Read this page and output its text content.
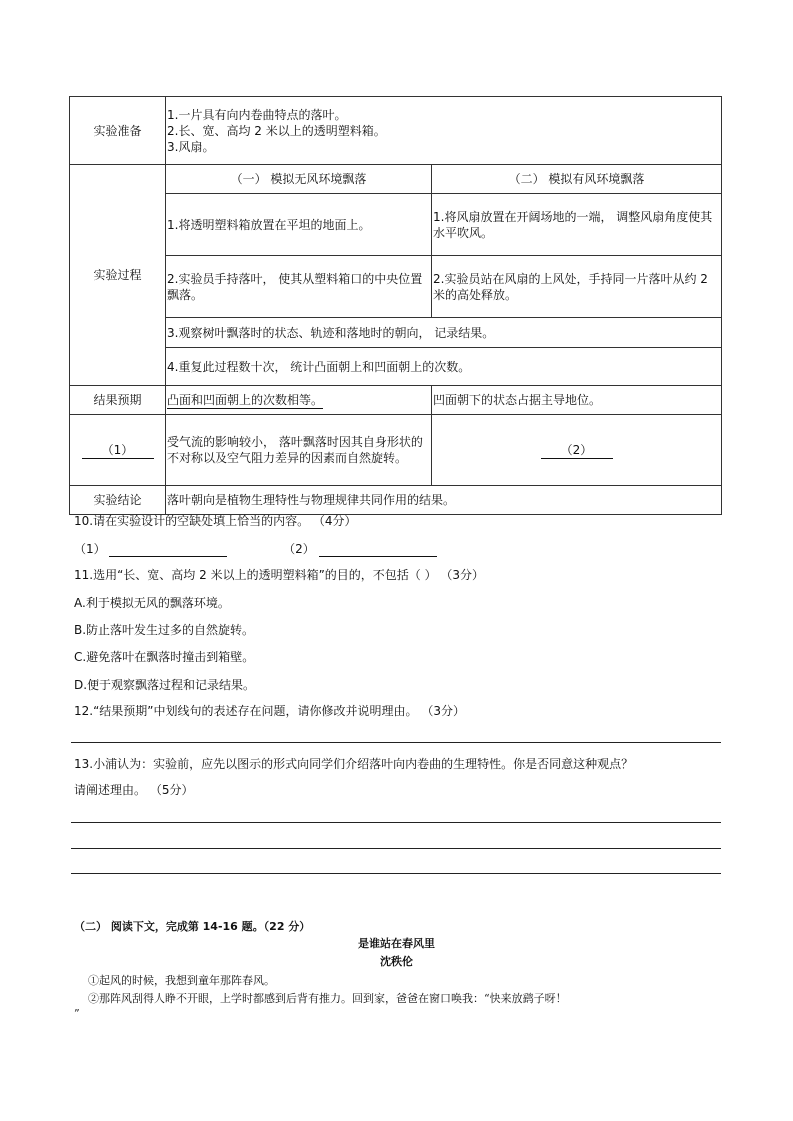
实验准备	1.一片具有向内卷曲特点的落叶。
2.长、宽、高均 2 米以上的透明塑料箱。
3.风扇。	

实验过程	（一） 模拟无风环境飘落	（二） 模拟有风环境飘落
	1.将透明塑料箱放置在平坦的地面上。	1.将风扇放置在开阔场地的一端， 调整风扇角度使其水平吹风。
	2.实验员手持落叶， 使其从塑料箱口的中央位置飘落。	2.实验员站在风扇的上风处，手持同一片落叶从约 2 米的高处释放。
	3.观察树叶飘落时的状态、轨迹和落地时的朝向， 记录结果。	
	4.重复此过程数十次， 统计凸面朝上和凹面朝上的次数。	
结果预期	凸面和凹面朝上的次数相等。	凹面朝下的状态占据主导地位。
（1）	受气流的影响较小， 落叶飘落时因其自身形状的不对称以及空气阻力差异的因素而自然旋转。	（2）
实验结论	落叶朝向是植物生理特性与物理规律共同作用的结果。	
10.请在实验设计的空缺处填上恰当的内容。 （4分）
（1）	（2）
11.选用“长、宽、高均 2 米以上的透明塑料箱”的目的，不包括（ ） （3分）
A.利于模拟无风的飘落环境。
B.防止落叶发生过多的自然旋转。
C.避免落叶在飘落时撞击到箱壁。
D.便于观察飘落过程和记录结果。
12.“结果预期”中划线句的表述存在问题，请你修改并说明理由。 （3分）
13.小浦认为：实验前，应先以图示的形式向同学们介绍落叶向内卷曲的生理特性。你是否同意这种观点？
请阐述理由。 （5分）
（二） 阅读下文，完成第 14-16 题。（22 分）
是谁站在春风里
沈秩伦
①起风的时候，我想到童年那阵春风。
②那阵风刮得人睁不开眼，上学时都感到后背有推力。回到家，爸爸在窗口唤我：“快来放鹞子呀！
”
